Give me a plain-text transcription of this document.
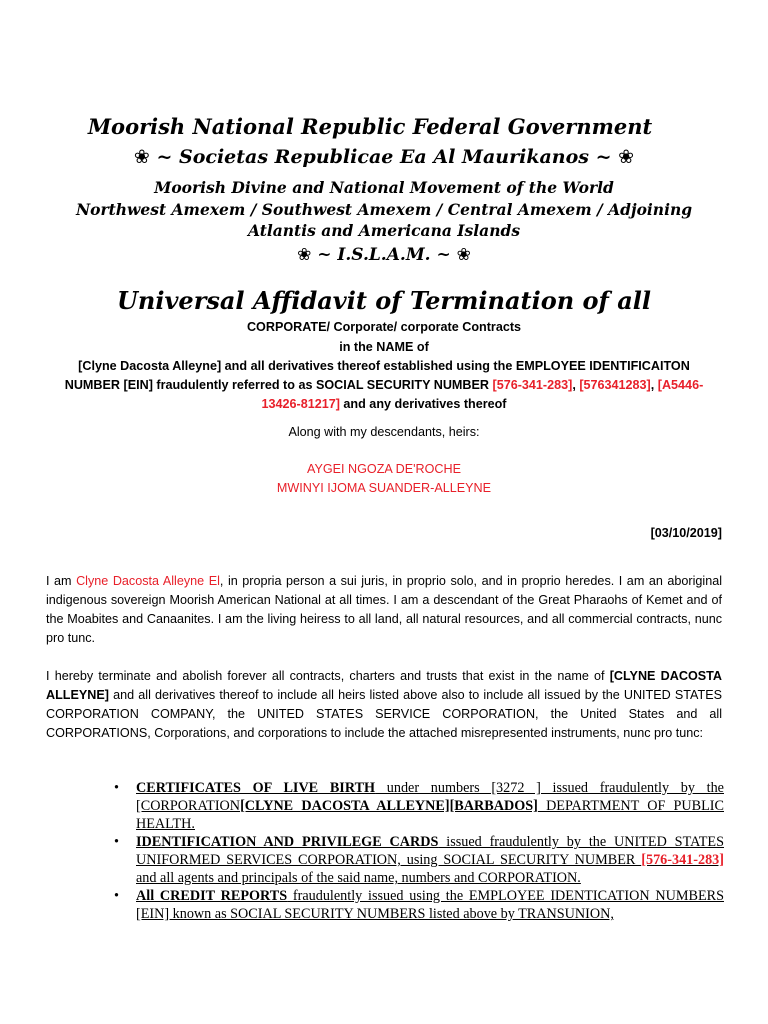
Moorish National Republic Federal Government
❀ ~ Societas Republicae Ea Al Maurikanos ~ ❀
Moorish Divine and National Movement of the World
Northwest Amexem / Southwest Amexem / Central Amexem / Adjoining
Atlantis and Americana Islands
❀ ~ I.S.L.A.M. ~ ❀
Universal Affidavit of Termination of all
CORPORATE/ Corporate/ corporate Contracts
in the NAME of
[Clyne Dacosta Alleyne] and all derivatives thereof established using the EMPLOYEE IDENTIFICAITON
NUMBER [EIN] fraudulently referred to as SOCIAL SECURITY NUMBER [576-341-283], [576341283], [A5446-
13426-81217] and any derivatives thereof
Along with my descendants, heirs:
AYGEI NGOZA DE'ROCHE
MWINYI IJOMA SUANDER-ALLEYNE
[03/10/2019]
I am Clyne Dacosta Alleyne El, in propria person a sui juris, in proprio solo, and in proprio heredes. I am an aboriginal indigenous sovereign Moorish American National at all times. I am a descendant of the Great Pharaohs of Kemet and of the Moabites and Canaanites. I am the living heiress to all land, all natural resources, and all commercial contracts, nunc pro tunc.
I hereby terminate and abolish forever all contracts, charters and trusts that exist in the name of [CLYNE DACOSTA ALLEYNE] and all derivatives thereof to include all heirs listed above also to include all issued by the UNITED STATES CORPORATION COMPANY, the UNITED STATES SERVICE CORPORATION, the United States and all CORPORATIONS, Corporations, and corporations to include the attached misrepresented instruments, nunc pro tunc:
• CERTIFICATES OF LIVE BIRTH under numbers [3272 ] issued fraudulently by the [CORPORATION[CLYNE DACOSTA ALLEYNE][BARBADOS] DEPARTMENT OF PUBLIC HEALTH.
• IDENTIFICATION AND PRIVILEGE CARDS issued fraudulently by the UNITED STATES UNIFORMED SERVICES CORPORATION, using SOCIAL SECURITY NUMBER [576-341-283] and all agents and principals of the said name, numbers and CORPORATION.
• All CREDIT REPORTS fraudulently issued using the EMPLOYEE IDENTICATION NUMBERS [EIN] known as SOCIAL SECURITY NUMBERS listed above by TRANSUNION,
